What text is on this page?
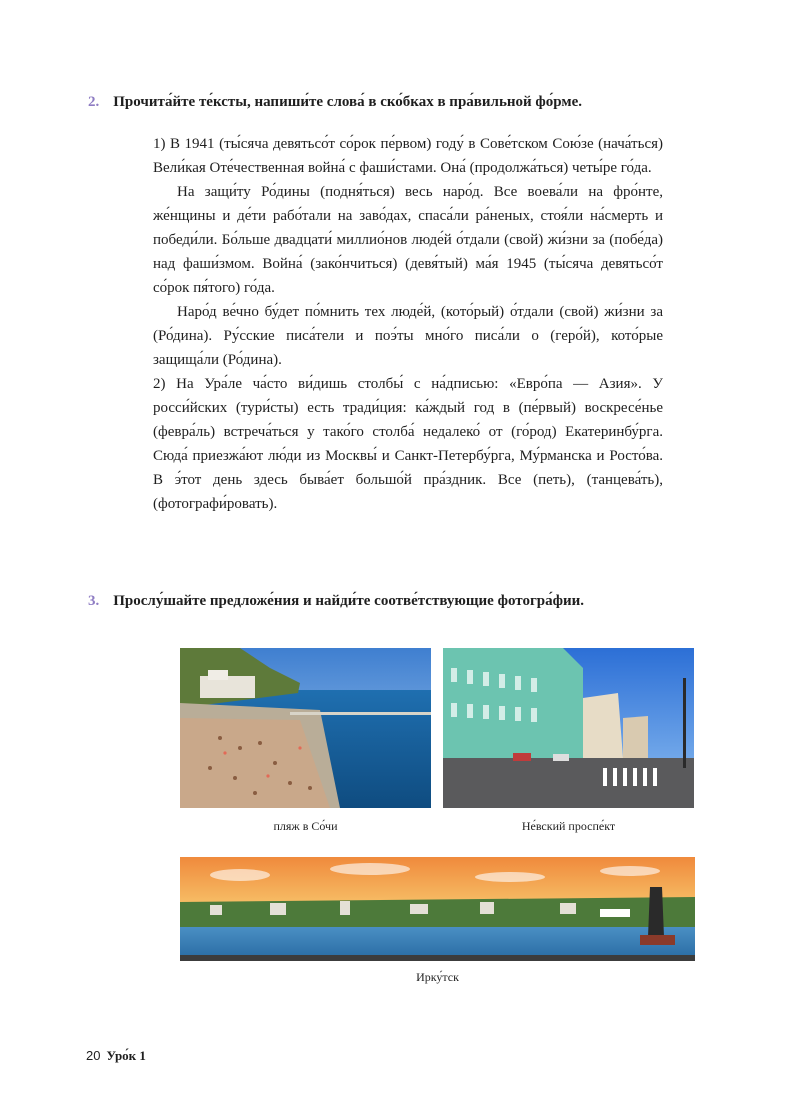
2. Прочита́йте те́ксты, напиши́те слова́ в ско́бках в пра́вильной фо́рме.

1) В 1941 (ты́сяча девятьсо́т со́рок пе́рвом) году́ в Сове́тском Сою́зе (нача́ться) Вели́кая Оте́чественная война́ с фаши́стами. Она́ (продолжа́ться) четы́ре го́да.

На защи́ту Ро́дины (подня́ться) весь наро́д. Все воева́ли на фро́нте, же́нщины и де́ти рабо́тали на заво́дах, спаса́ли ра́неных, стоя́ли на́смерть и победи́ли. Бо́льше двадцати́ миллио́нов люде́й о́тдали (свой) жи́зни за (побе́да) над фаши́змом. Война́ (зако́нчиться) (девя́тый) ма́я 1945 (ты́сяча девятьсо́т со́рок пя́того) го́да.

Наро́д ве́чно бу́дет по́мнить тех люде́й, (кото́рый) о́тдали (свой) жи́зни за (Ро́дина). Ру́сские писа́тели и поэ́ты мно́го писа́ли о (геро́й), кото́рые защища́ли (Ро́дина).

2) На Ура́ле ча́сто ви́дишь столбы́ с на́дписью: «Евро́па — Азия». У росси́йских (тури́сты) есть тради́ция: ка́ждый год в (пе́рвый) воскресе́нье (февра́ль) встреча́ться у тако́го столба́ недалеко́ от (го́род) Екатеринбу́рга. Сюда́ приезжа́ют лю́ди из Москвы́ и Санкт-Петербу́рга, Му́рманска и Росто́ва. В э́тот день здесь быва́ет большо́й пра́здник. Все (петь), (танцева́ть), (фотографи́ровать).

3. Прослу́шайте предложе́ния и найди́те соотве́тствующие фотогра́фии.
пляж в Со́чи	Не́вский проспе́кт
Ирку́тск
20 Уро́к 1
